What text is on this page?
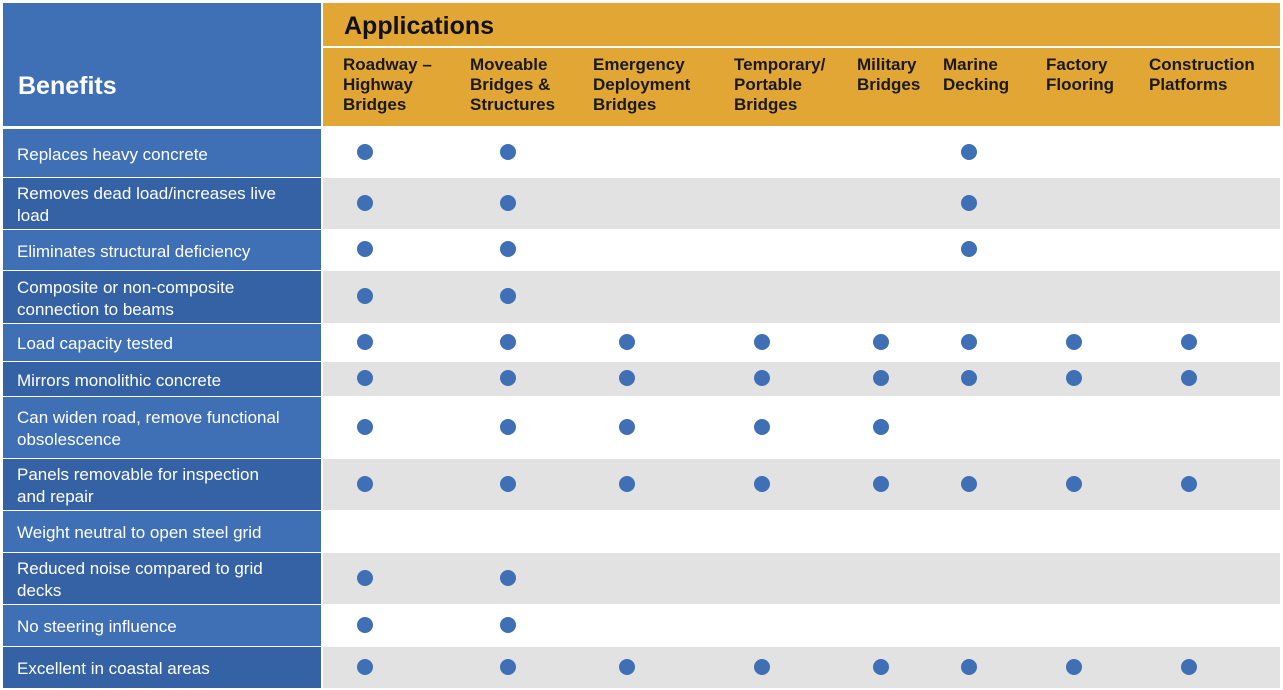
Benefits
Applications
Roadway – Highway Bridges
Moveable Bridges & Structures
Emergency Deployment Bridges
Temporary/ Portable Bridges
Military Bridges
Marine Decking
Factory Flooring
Construction Platforms
Replaces heavy concrete
Removes dead load/increases live load
Eliminates structural deficiency
Composite or non-composite connection to beams
Load capacity tested
Mirrors monolithic concrete
Can widen road, remove functional obsolescence
Panels removable for inspection and repair
Weight neutral to open steel grid
Reduced noise compared to grid decks
No steering influence
Excellent in coastal areas
